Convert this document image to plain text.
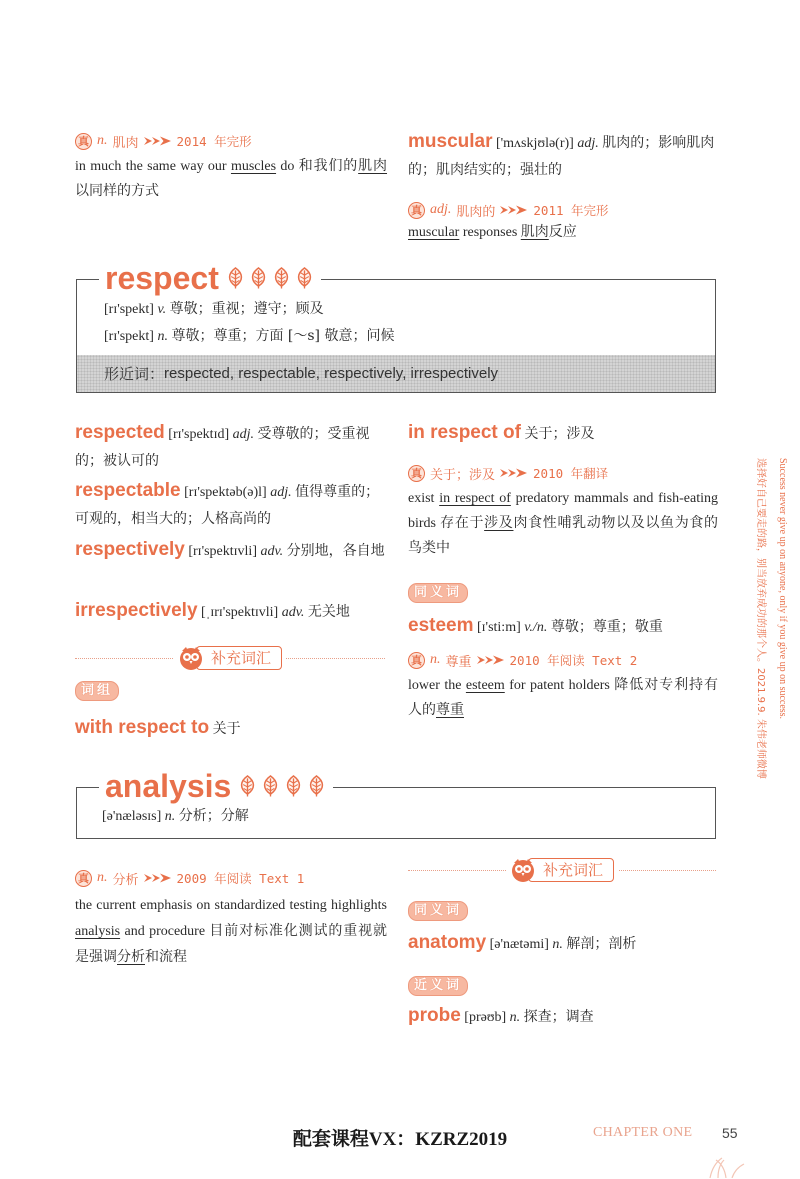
真 n. 肌肉	2014 年完形

in much the same way our muscles do 和我们的肌肉以同样的方式

muscular ['mʌskjʊlə(r)] adj. 肌肉的；影响肌肉的；肌肉结实的；强壮的

真 adj. 肌肉的	2011 年完形

muscular responses 肌肉反应

respect

[rɪ'spekt] v. 尊敬；重视；遵守；顾及

[rɪ'spekt] n. 尊敬；尊重；方面 [～s] 敬意；问候

形近词： respected, respectable, respectively, irrespectively

respected [rɪ'spektɪd] adj. 受尊敬的；受重视的；被认可的

respectable [rɪ'spektəb(ə)l] adj. 值得尊重的；可观的，相当大的；人格高尚的

respectively [rɪ'spektɪvli] adv. 分别地，各自地

irrespectively [ˌɪrɪ'spektɪvli] adv. 无关地

补充词汇
词组

with respect to 关于

in respect of 关于；涉及

真 关于；涉及	2010 年翻译

exist in respect of predatory mammals and fish-eating birds 存在于涉及肉食性哺乳动物以及以鱼为食的鸟类中

同义词

esteem [ɪ'sti:m] v./n. 尊敬；尊重；敬重

真 n. 尊重	2010 年阅读 Text 2

lower the esteem for patent holders 降低对专利持有人的尊重

analysis

[ə'næləsɪs] n. 分析；分解

真 n. 分析	2009 年阅读 Text 1

the current emphasis on standardized testing highlights analysis and procedure 目前对标准化测试的重视就是强调分析和流程

补充词汇
同义词

anatomy [ə'nætəmi] n. 解剖；剖析

近义词

probe [prəʊb] n. 探查；调查

Success never give up on anyone, only if you give up on success.
选择好自己要走的路，别当放弃成功的那个人。2021.9.9. 朱伟老师微博
配套课程VX：KZRZ2019	CHAPTER ONE 55
